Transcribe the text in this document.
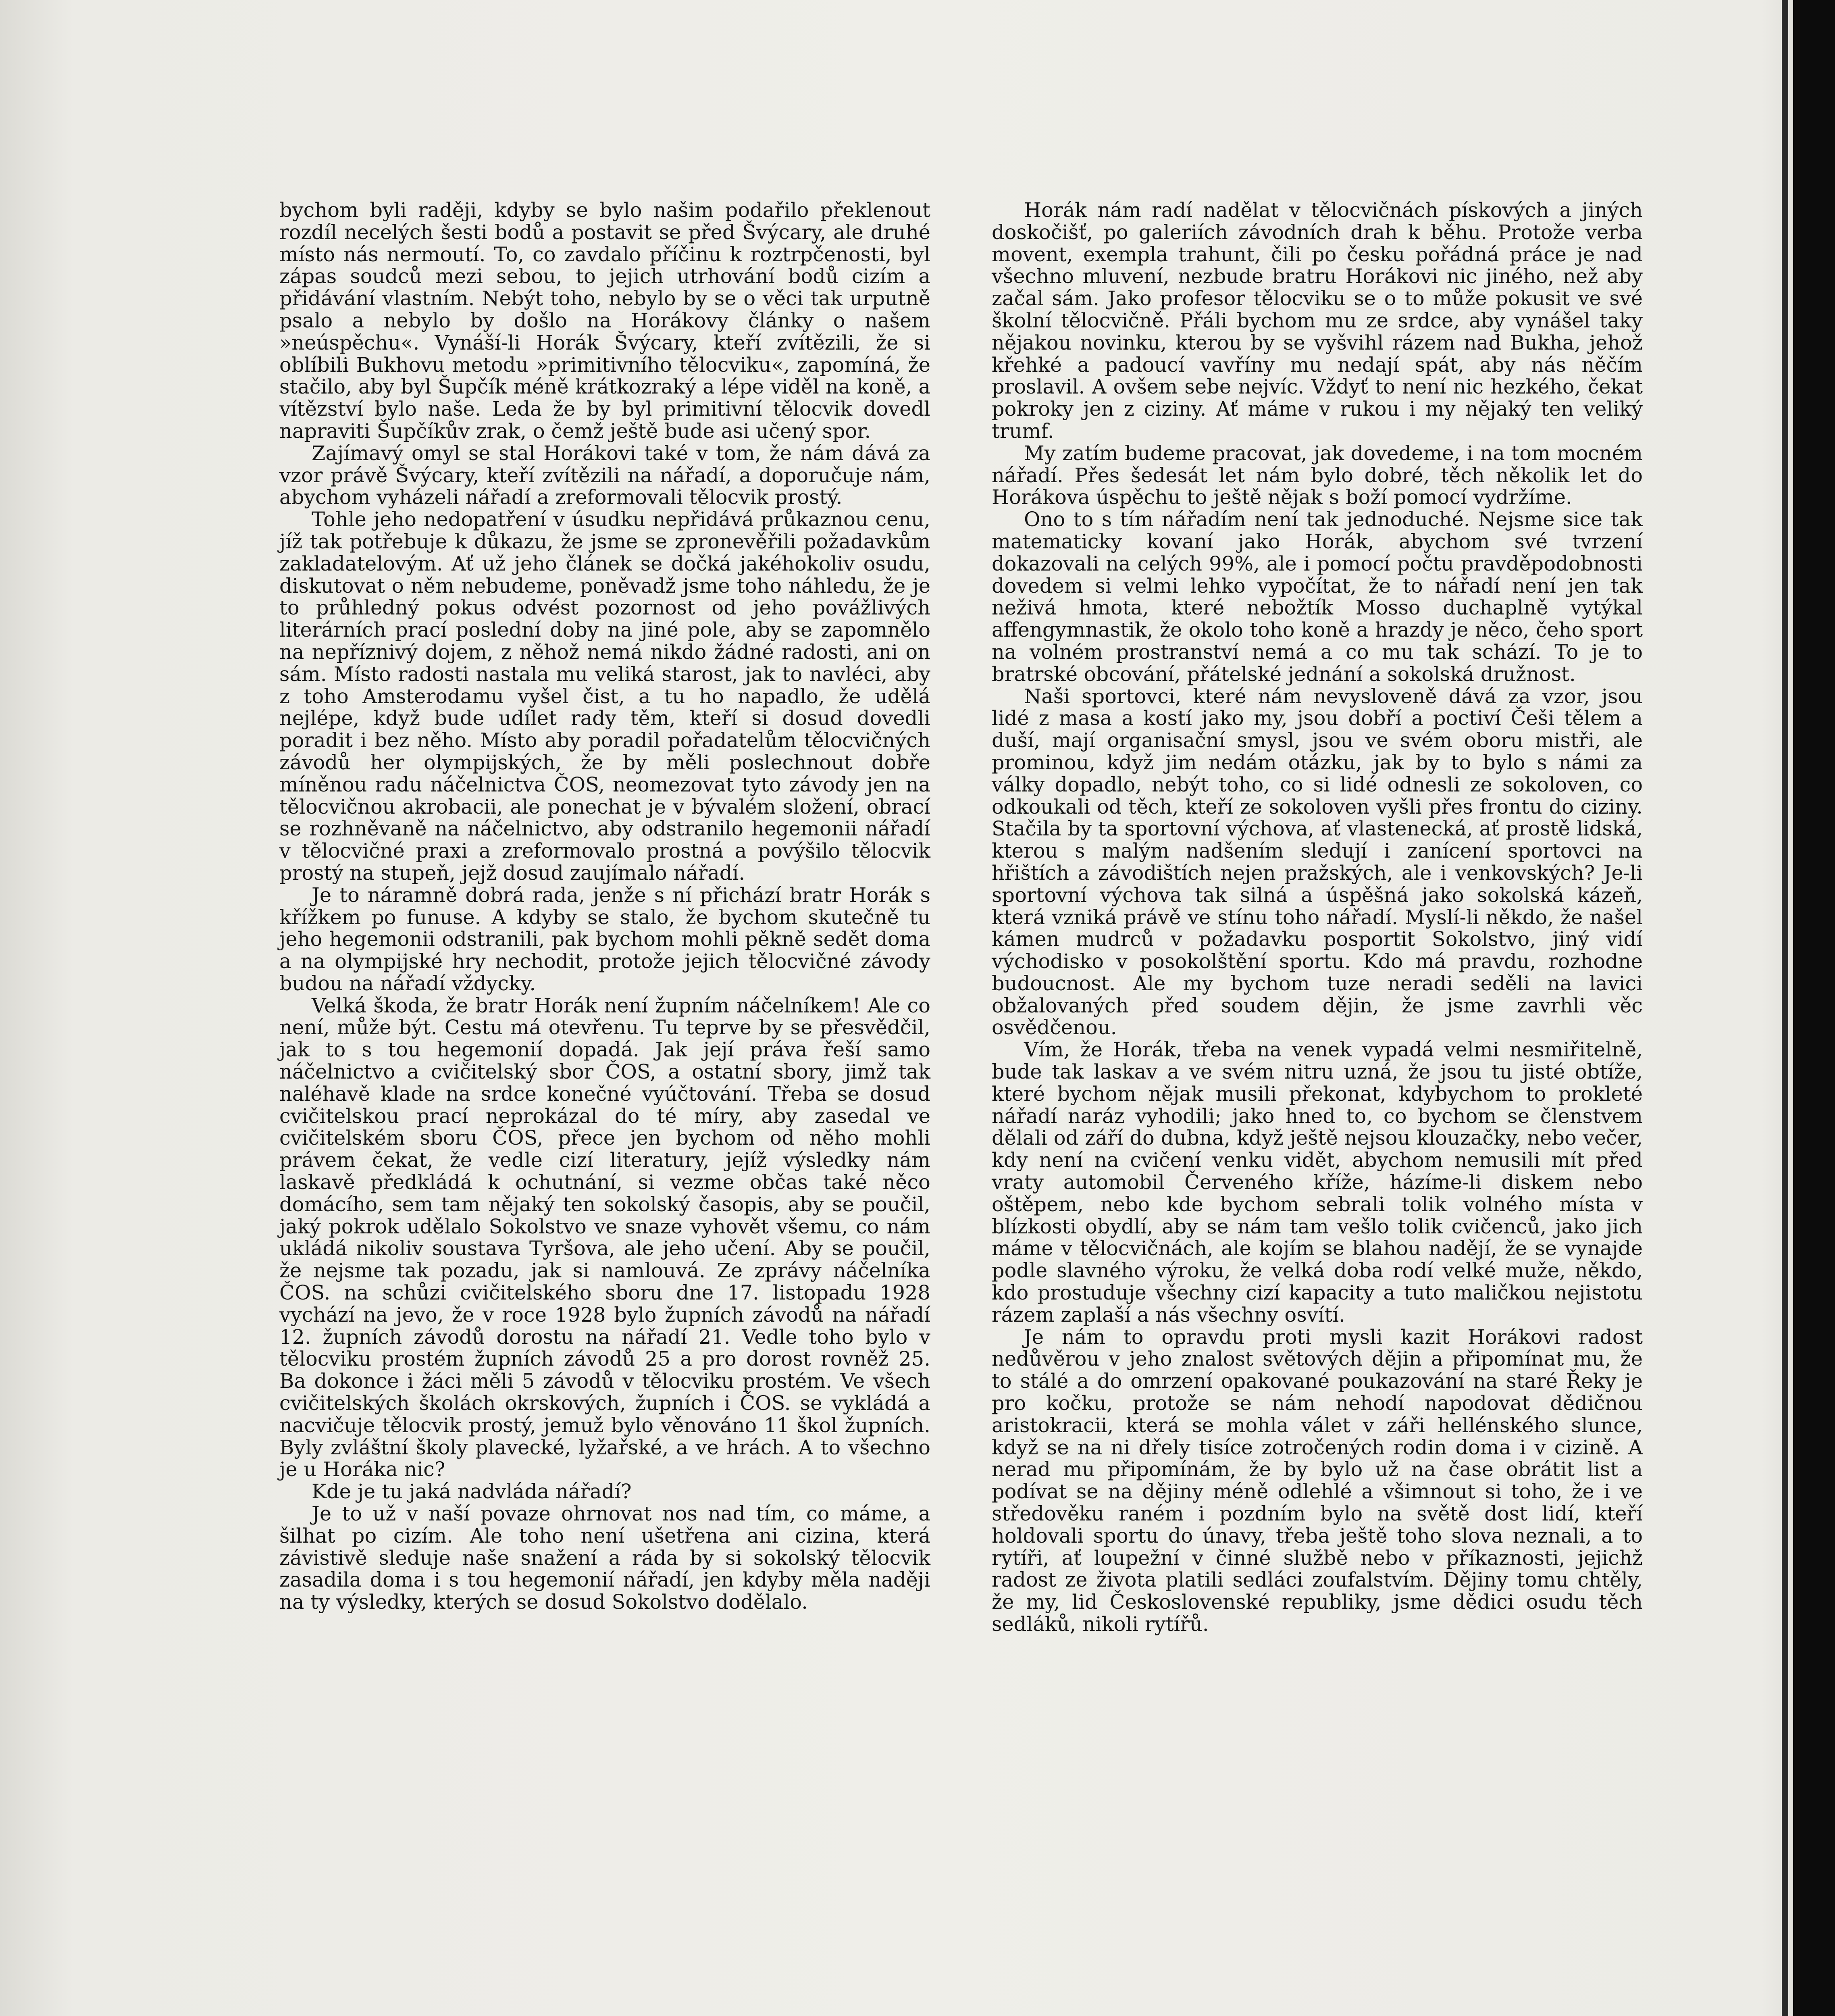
bychom byli raději, kdyby se bylo našim podařilo překlenout rozdíl necelých šesti bodů a postavit se před Švýcary, ale druhé místo nás nermoutí. To, co zavdalo příčinu k roztrpčenosti, byl zápas soudců mezi sebou, to jejich utrhování bodů cizím a přidávání vlastním. Nebýt toho, nebylo by se o věci tak urputně psalo a nebylo by došlo na Horákovy články o našem »neúspěchu«. Vynáší-li Horák Švýcary, kteří zvítězili, že si oblíbili Bukhovu metodu »primitivního tělocviku«, zapomíná, že stačilo, aby byl Šupčík méně krátkozraký a lépe viděl na koně, a vítězství bylo naše. Leda že by byl primitivní tělocvik dovedl napraviti Šupčíkův zrak, o čemž ještě bude asi učený spor.

Zajímavý omyl se stal Horákovi také v tom, že nám dává za vzor právě Švýcary, kteří zvítězili na nářadí, a doporučuje nám, abychom vyházeli nářadí a zreformovali tělocvik prostý.

Tohle jeho nedopatření v úsudku nepřidává průkaznou cenu, jíž tak potřebuje k důkazu, že jsme se zpronevěřili požadavkům zakladatelovým. Ať už jeho článek se dočká jakéhokoliv osudu, diskutovat o něm nebudeme, poněvadž jsme toho náhledu, že je to průhledný pokus odvést pozornost od jeho povážlivých literárních prací poslední doby na jiné pole, aby se zapomnělo na nepříznivý dojem, z něhož nemá nikdo žádné radosti, ani on sám. Místo radosti nastala mu veliká starost, jak to navléci, aby z toho Amsterodamu vyšel čist, a tu ho napadlo, že udělá nejlépe, když bude udílet rady těm, kteří si dosud dovedli poradit i bez něho. Místo aby poradil pořadatelům tělocvičných závodů her olympijských, že by měli poslechnout dobře míněnou radu náčelnictva ČOS, neomezovat tyto závody jen na tělocvičnou akrobacii, ale ponechat je v bývalém složení, obrací se rozhněvaně na náčelnictvo, aby odstranilo hegemonii nářadí v tělocvičné praxi a zreformovalo prostná a povýšilo tělocvik prostý na stupeň, jejž dosud zaujímalo nářadí.

Je to náramně dobrá rada, jenže s ní přichází bratr Horák s křížkem po funuse. A kdyby se stalo, že bychom skutečně tu jeho hegemonii odstranili, pak bychom mohli pěkně sedět doma a na olympijské hry nechodit, protože jejich tělocvičné závody budou na nářadí vždycky.

Velká škoda, že bratr Horák není župním náčelníkem! Ale co není, může být. Cestu má otevřenu. Tu teprve by se přesvědčil, jak to s tou hegemonií dopadá. Jak její práva řeší samo náčelnictvo a cvičitelský sbor ČOS, a ostatní sbory, jimž tak naléhavě klade na srdce konečné vyúčtování. Třeba se dosud cvičitelskou prací neprokázal do té míry, aby zasedal ve cvičitelském sboru ČOS, přece jen bychom od něho mohli právem čekat, že vedle cizí literatury, jejíž výsledky nám laskavě předkládá k ochutnání, si vezme občas také něco domácího, sem tam nějaký ten sokolský časopis, aby se poučil, jaký pokrok udělalo Sokolstvo ve snaze vyhovět všemu, co nám ukládá nikoliv soustava Tyršova, ale jeho učení. Aby se poučil, že nejsme tak pozadu, jak si namlouvá. Ze zprávy náčelníka ČOS. na schůzi cvičitelského sboru dne 17. listopadu 1928 vychází na jevo, že v roce 1928 bylo župních závodů na nářadí 12. župních závodů dorostu na nářadí 21. Vedle toho bylo v tělocviku prostém župních závodů 25 a pro dorost rovněž 25. Ba dokonce i žáci měli 5 závodů v tělocviku prostém. Ve všech cvičitelských školách okrskových, župních i ČOS. se vykládá a nacvičuje tělocvik prostý, jemuž bylo věnováno 11 škol župních. Byly zvláštní školy plavecké, lyžařské, a ve hrách. A to všechno je u Horáka nic?

Kde je tu jaká nadvláda nářadí?

Je to už v naší povaze ohrnovat nos nad tím, co máme, a šilhat po cizím. Ale toho není ušetřena ani cizina, která závistivě sleduje naše snažení a ráda by si sokolský tělocvik zasadila doma i s tou hegemonií nářadí, jen kdyby měla naději na ty výsledky, kterých se dosud Sokolstvo dodělalo.

Horák nám radí nadělat v tělocvičnách pískových a jiných doskočišť, po galeriích závodních drah k běhu. Protože verba movent, exempla trahunt, čili po česku pořádná práce je nad všechno mluvení, nezbude bratru Horákovi nic jiného, než aby začal sám. Jako profesor tělocviku se o to může pokusit ve své školní tělocvičně. Přáli bychom mu ze srdce, aby vynášel taky nějakou novinku, kterou by se vyšvihl rázem nad Bukha, jehož křehké a padoucí vavříny mu nedají spát, aby nás něčím proslavil. A ovšem sebe nejvíc. Vždyť to není nic hezkého, čekat pokroky jen z ciziny. Ať máme v rukou i my nějaký ten veliký trumf.

My zatím budeme pracovat, jak dovedeme, i na tom mocném nářadí. Přes šedesát let nám bylo dobré, těch několik let do Horákova úspěchu to ještě nějak s boží pomocí vydržíme.

Ono to s tím nářadím není tak jednoduché. Nejsme sice tak matematicky kovaní jako Horák, abychom své tvrzení dokazovali na celých 99%, ale i pomocí počtu pravděpodobnosti dovedem si velmi lehko vypočítat, že to nářadí není jen tak neživá hmota, které nebožtík Mosso duchaplně vytýkal affengymnastik, že okolo toho koně a hrazdy je něco, čeho sport na volném prostranství nemá a co mu tak schází. To je to bratrské obcování, přátelské jednání a sokolská družnost.

Naši sportovci, které nám nevysloveně dává za vzor, jsou lidé z masa a kostí jako my, jsou dobří a poctiví Češi tělem a duší, mají organisační smysl, jsou ve svém oboru mistři, ale prominou, když jim nedám otázku, jak by to bylo s námi za války dopadlo, nebýt toho, co si lidé odnesli ze sokoloven, co odkoukali od těch, kteří ze sokoloven vyšli přes frontu do ciziny. Stačila by ta sportovní výchova, ať vlastenecká, ať prostě lidská, kterou s malým nadšením sledují i zanícení sportovci na hřištích a závodištích nejen pražských, ale i venkovských? Je-li sportovní výchova tak silná a úspěšná jako sokolská kázeň, která vzniká právě ve stínu toho nářadí. Myslí-li někdo, že našel kámen mudrců v požadavku posportit Sokolstvo, jiný vidí východisko v posokolštění sportu. Kdo má pravdu, rozhodne budoucnost. Ale my bychom tuze neradi seděli na lavici obžalovaných před soudem dějin, že jsme zavrhli věc osvědčenou.

Vím, že Horák, třeba na venek vypadá velmi nesmiřitelně, bude tak laskav a ve svém nitru uzná, že jsou tu jisté obtíže, které bychom nějak musili překonat, kdybychom to prokleté nářadí naráz vyhodili; jako hned to, co bychom se členstvem dělali od září do dubna, když ještě nejsou klouzačky, nebo večer, kdy není na cvičení venku vidět, abychom nemusili mít před vraty automobil Červeného kříže, házíme-li diskem nebo oštěpem, nebo kde bychom sebrali tolik volného místa v blízkosti obydlí, aby se nám tam vešlo tolik cvičenců, jako jich máme v tělocvičnách, ale kojím se blahou nadějí, že se vynajde podle slavného výroku, že velká doba rodí velké muže, někdo, kdo prostuduje všechny cizí kapacity a tuto maličkou nejistotu rázem zaplaší a nás všechny osvítí.

Je nám to opravdu proti mysli kazit Horákovi radost nedůvěrou v jeho znalost světových dějin a připomínat mu, že to stálé a do omrzení opakované poukazování na staré Řeky je pro kočku, protože se nám nehodí napodovat dědičnou aristokracii, která se mohla válet v záři hellénského slunce, když se na ni dřely tisíce zotročených rodin doma i v cizině. A nerad mu připomínám, že by bylo už na čase obrátit list a podívat se na dějiny méně odlehlé a všimnout si toho, že i ve středověku raném i pozdním bylo na světě dost lidí, kteří holdovali sportu do únavy, třeba ještě toho slova neznali, a to rytíři, ať loupežní v činné službě nebo v příkaznosti, jejichž radost ze života platili sedláci zoufalstvím. Dějiny tomu chtěly, že my, lid Československé republiky, jsme dědici osudu těch sedláků, nikoli rytířů.
